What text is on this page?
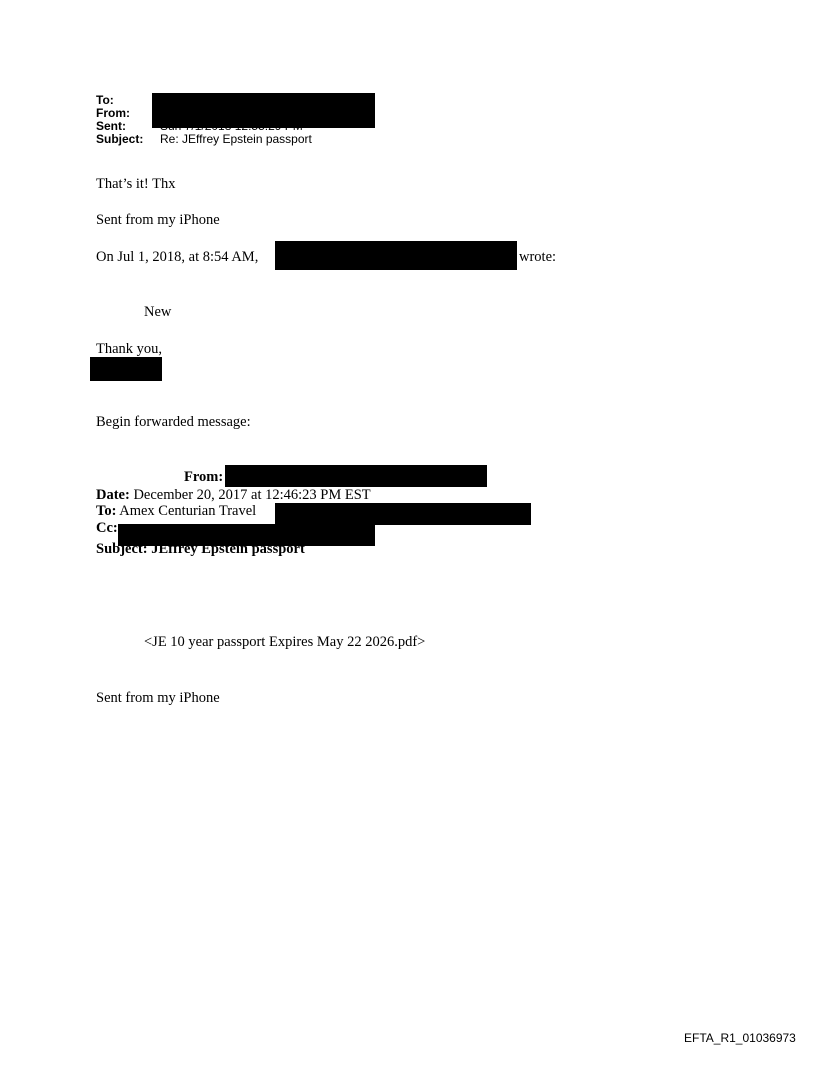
To:
From:
Sent:
Subject: Re: JEffrey Epstein passport
That’s it! Thx
Sent from my iPhone
On Jul 1, 2018, at 8:54 AM,	wrote:
New
Thank you,
Begin forwarded message:
From:
Date: December 20, 2017 at 12:46:23 PM EST
To: Amex Centurian Travel
Cc:
Subject: JEffrey Epstein passport
<JE 10 year passport Expires May 22 2026.pdf>
Sent from my iPhone
EFTA_R1_01036973
